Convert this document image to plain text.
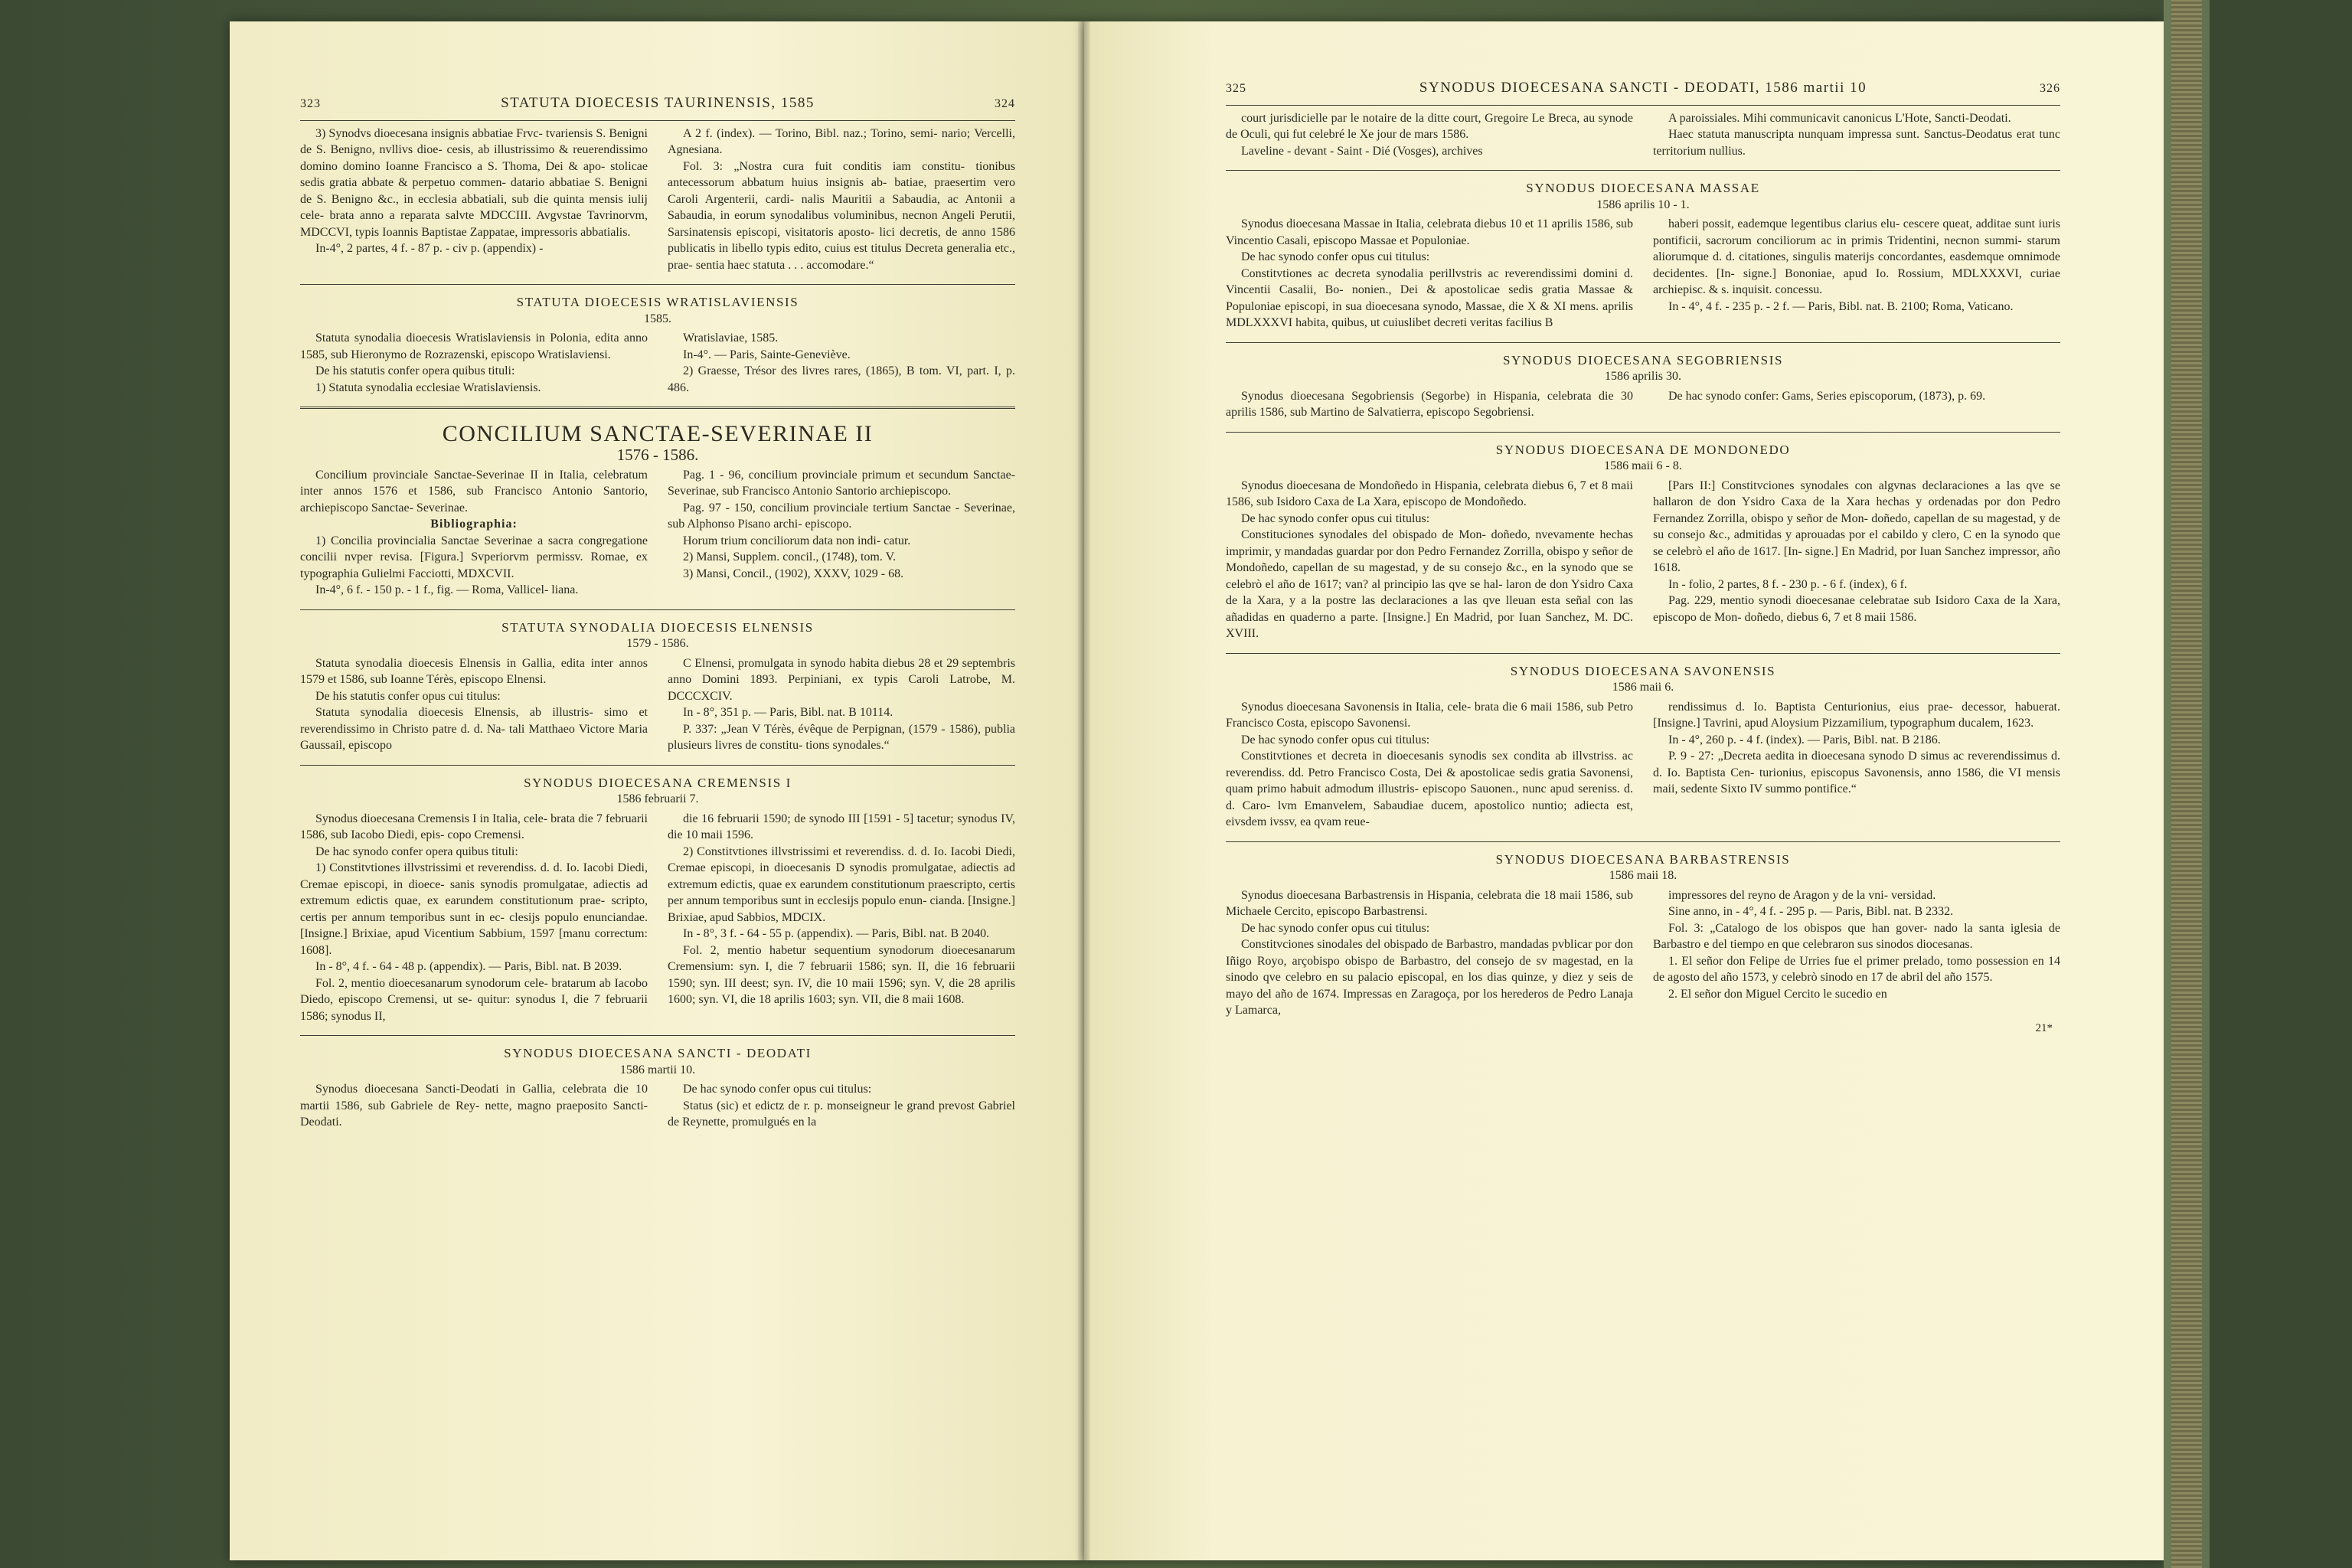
323	STATUTA DIOECESIS TAURINENSIS, 1585	324

3) Synodvs dioecesana insignis abbatiae Frvc- tvariensis S. Benigni de S. Benigno, nvllivs dioe- cesis, ab illustrissimo & reuerendissimo domino domino Ioanne Francisco a S. Thoma, Dei & apo- stolicae sedis gratia abbate & perpetuo commen- datario abbatiae S. Benigni de S. Benigno &c., in ecclesia abbatiali, sub die quinta mensis iulij cele- brata anno a reparata salvte MDCCIII. Avgvstae Tavrinorvm, MDCCVI, typis Ioannis Baptistae Zappatae, impressoris abbatialis.

In-4°, 2 partes, 4 f. - 87 p. - civ p. (appendix) -

A 2 f. (index). — Torino, Bibl. naz.; Torino, semi- nario; Vercelli, Agnesiana.

Fol. 3: „Nostra cura fuit conditis iam constitu- tionibus antecessorum abbatum huius insignis ab- batiae, praesertim vero Caroli Argenterii, cardi- nalis Mauritii a Sabaudia, ac Antonii a Sabaudia, in eorum synodalibus voluminibus, necnon Angeli Perutii, Sarsinatensis episcopi, visitatoris aposto- lici decretis, de anno 1586 publicatis in libello typis edito, cuius est titulus Decreta generalia etc., prae- sentia haec statuta . . . accomodare.“

STATUTA DIOECESIS WRATISLAVIENSIS
1585.

Statuta synodalia dioecesis Wratislaviensis in Polonia, edita anno 1585, sub Hieronymo de Rozrazenski, episcopo Wratislaviensi.

De his statutis confer opera quibus tituli:

1) Statuta synodalia ecclesiae Wratislaviensis.

Wratislaviae, 1585.

In-4°. — Paris, Sainte-Geneviève.

2) Graesse, Trésor des livres rares, (1865), B tom. VI, part. I, p. 486.

CONCILIUM SANCTAE-SEVERINAE II
1576 - 1586.

Concilium provinciale Sanctae-Severinae II in Italia, celebratum inter annos 1576 et 1586, sub Francisco Antonio Santorio, archiepiscopo Sanctae- Severinae.

Bibliographia:

1) Concilia provincialia Sanctae Severinae a sacra congregatione concilii nvper revisa. [Figura.] Svperiorvm permissv. Romae, ex typographia Gulielmi Facciotti, MDXCVII.

In-4°, 6 f. - 150 p. - 1 f., fig. — Roma, Vallicel- liana.

Pag. 1 - 96, concilium provinciale primum et secundum Sanctae-Severinae, sub Francisco Antonio Santorio archiepiscopo.

Pag. 97 - 150, concilium provinciale tertium Sanctae - Severinae, sub Alphonso Pisano archi- episcopo.

Horum trium conciliorum data non indi- catur.

2) Mansi, Supplem. concil., (1748), tom. V.

3) Mansi, Concil., (1902), XXXV, 1029 - 68.

STATUTA SYNODALIA DIOECESIS ELNENSIS
1579 - 1586.

Statuta synodalia dioecesis Elnensis in Gallia, edita inter annos 1579 et 1586, sub Ioanne Térès, episcopo Elnensi.

De his statutis confer opus cui titulus:

Statuta synodalia dioecesis Elnensis, ab illustris- simo et reverendissimo in Christo patre d. d. Na- tali Matthaeo Victore Maria Gaussail, episcopo

C Elnensi, promulgata in synodo habita diebus 28 et 29 septembris anno Domini 1893. Perpiniani, ex typis Caroli Latrobe, M. DCCCXCIV.

In - 8°, 351 p. — Paris, Bibl. nat. B 10114.

P. 337: „Jean V Térès, évêque de Perpignan, (1579 - 1586), publia plusieurs livres de constitu- tions synodales.“

SYNODUS DIOECESANA CREMENSIS I
1586 februarii 7.

Synodus dioecesana Cremensis I in Italia, cele- brata die 7 februarii 1586, sub Iacobo Diedi, epis- copo Cremensi.

De hac synodo confer opera quibus tituli:

1) Constitvtiones illvstrissimi et reverendiss. d. d. Io. Iacobi Diedi, Cremae episcopi, in dioece- sanis synodis promulgatae, adiectis ad extremum edictis quae, ex earundem constitutionum prae- scripto, certis per annum temporibus sunt in ec- clesijs populo enunciandae. [Insigne.] Brixiae, apud Vicentium Sabbium, 1597 [manu correctum: 1608].

In - 8°, 4 f. - 64 - 48 p. (appendix). — Paris, Bibl. nat. B 2039.

Fol. 2, mentio dioecesanarum synodorum cele- bratarum ab Iacobo Diedo, episcopo Cremensi, ut se- quitur: synodus I, die 7 februarii 1586; synodus II,

die 16 februarii 1590; de synodo III [1591 - 5] tacetur; synodus IV, die 10 maii 1596.

2) Constitvtiones illvstrissimi et reverendiss. d. d. Io. Iacobi Diedi, Cremae episcopi, in dioecesanis D synodis promulgatae, adiectis ad extremum edictis, quae ex earundem constitutionum praescripto, certis per annum temporibus sunt in ecclesijs populo enun- cianda. [Insigne.] Brixiae, apud Sabbios, MDCIX.

In - 8°, 3 f. - 64 - 55 p. (appendix). — Paris, Bibl. nat. B 2040.

Fol. 2, mentio habetur sequentium synodorum dioecesanarum Cremensium: syn. I, die 7 februarii 1586; syn. II, die 16 februarii 1590; syn. III deest; syn. IV, die 10 maii 1596; syn. V, die 28 aprilis 1600; syn. VI, die 18 aprilis 1603; syn. VII, die 8 maii 1608.

SYNODUS DIOECESANA SANCTI - DEODATI
1586 martii 10.

Synodus dioecesana Sancti-Deodati in Gallia, celebrata die 10 martii 1586, sub Gabriele de Rey- nette, magno praeposito Sancti-Deodati.

De hac synodo confer opus cui titulus:

Status (sic) et edictz de r. p. monseigneur le grand prevost Gabriel de Reynette, promulgués en la

325	SYNODUS DIOECESANA SANCTI - DEODATI, 1586 martii 10	326

court jurisdicielle par le notaire de la ditte court, Gregoire Le Breca, au synode de Oculi, qui fut celebré le Xe jour de mars 1586.

Laveline - devant - Saint - Dié (Vosges), archives

A paroissiales. Mihi communicavit canonicus L'Hote, Sancti-Deodati.

Haec statuta manuscripta nunquam impressa sunt. Sanctus-Deodatus erat tunc territorium nullius.

SYNODUS DIOECESANA MASSAE
1586 aprilis 10 - 1.

Synodus dioecesana Massae in Italia, celebrata diebus 10 et 11 aprilis 1586, sub Vincentio Casali, episcopo Massae et Populoniae.

De hac synodo confer opus cui titulus:

Constitvtiones ac decreta synodalia perillvstris ac reverendissimi domini d. Vincentii Casalii, Bo- nonien., Dei & apostolicae sedis gratia Massae & Populoniae episcopi, in sua dioecesana synodo, Massae, die X & XI mens. aprilis MDLXXXVI habita, quibus, ut cuiuslibet decreti veritas facilius B

haberi possit, eademque legentibus clarius elu- cescere queat, additae sunt iuris pontificii, sacrorum conciliorum ac in primis Tridentini, necnon summi- starum aliorumque d. d. citationes, singulis materijs concordantes, easdemque omnimode decidentes. [In- signe.] Bononiae, apud Io. Rossium, MDLXXXVI, curiae archiepisc. & s. inquisit. concessu.

In - 4°, 4 f. - 235 p. - 2 f. — Paris, Bibl. nat. B. 2100; Roma, Vaticano.

SYNODUS DIOECESANA SEGOBRIENSIS
1586 aprilis 30.

Synodus dioecesana Segobriensis (Segorbe) in Hispania, celebrata die 30 aprilis 1586, sub Martino de Salvatierra, episcopo Segobriensi.

De hac synodo confer: Gams, Series episcoporum, (1873), p. 69.

SYNODUS DIOECESANA DE MONDONEDO
1586 maii 6 - 8.

Synodus dioecesana de Mondoñedo in Hispania, celebrata diebus 6, 7 et 8 maii 1586, sub Isidoro Caxa de La Xara, episcopo de Mondoñedo.

De hac synodo confer opus cui titulus:

Constituciones synodales del obispado de Mon- doñedo, nvevamente hechas imprimir, y mandadas guardar por don Pedro Fernandez Zorrilla, obispo y señor de Mondoñedo, capellan de su magestad, y de su consejo &c., en la synodo que se celebrò el año de 1617; van? al principio las qve se hal- laron de don Ysidro Caxa de la Xara, y a la postre las declaraciones a las qve lleuan esta señal con las añadidas en quaderno a parte. [Insigne.] En Madrid, por Iuan Sanchez, M. DC. XVIII.

[Pars II:] Constitvciones synodales con algvnas declaraciones a las qve se hallaron de don Ysidro Caxa de la Xara hechas y ordenadas por don Pedro Fernandez Zorrilla, obispo y señor de Mon- doñedo, capellan de su magestad, y de su consejo &c., admitidas y aprouadas por el cabildo y clero, C en la synodo que se celebrò el año de 1617. [In- signe.] En Madrid, por Iuan Sanchez impressor, año 1618.

In - folio, 2 partes, 8 f. - 230 p. - 6 f. (index), 6 f.

Pag. 229, mentio synodi dioecesanae celebratae sub Isidoro Caxa de la Xara, episcopo de Mon- doñedo, diebus 6, 7 et 8 maii 1586.

SYNODUS DIOECESANA SAVONENSIS
1586 maii 6.

Synodus dioecesana Savonensis in Italia, cele- brata die 6 maii 1586, sub Petro Francisco Costa, episcopo Savonensi.

De hac synodo confer opus cui titulus:

Constitvtiones et decreta in dioecesanis synodis sex condita ab illvstriss. ac reverendiss. dd. Petro Francisco Costa, Dei & apostolicae sedis gratia Savonensi, quam primo habuit admodum illustris- episcopo Sauonen., nunc apud sereniss. d. d. Caro- lvm Emanvelem, Sabaudiae ducem, apostolico nuntio; adiecta est, eivsdem ivssv, ea qvam reue-

rendissimus d. Io. Baptista Centurionius, eius prae- decessor, habuerat. [Insigne.] Tavrini, apud Aloysium Pizzamilium, typographum ducalem, 1623.

In - 4°, 260 p. - 4 f. (index). — Paris, Bibl. nat. B 2186.

P. 9 - 27: „Decreta aedita in dioecesana synodo D simus ac reverendissimus d. d. Io. Baptista Cen- turionius, episcopus Savonensis, anno 1586, die VI mensis maii, sedente Sixto IV summo pontifice.“

SYNODUS DIOECESANA BARBASTRENSIS
1586 maii 18.

Synodus dioecesana Barbastrensis in Hispania, celebrata die 18 maii 1586, sub Michaele Cercito, episcopo Barbastrensi.

De hac synodo confer opus cui titulus:

Constitvciones sinodales del obispado de Barbastro, mandadas pvblicar por don Iñigo Royo, arçobispo obispo de Barbastro, del consejo de sv magestad, en la sinodo qve celebro en su palacio episcopal, en los dias quinze, y diez y seis de mayo del año de 1674. Impressas en Zaragoça, por los herederos de Pedro Lanaja y Lamarca,

impressores del reyno de Aragon y de la vni- versidad.

Sine anno, in - 4°, 4 f. - 295 p. — Paris, Bibl. nat. B 2332.

Fol. 3: „Catalogo de los obispos que han gover- nado la santa iglesia de Barbastro e del tiempo en que celebraron sus sinodos diocesanas.

1. El señor don Felipe de Urries fue el primer prelado, tomo possession en 14 de agosto del año 1573, y celebrò sinodo en 17 de abril del año 1575.

2. El señor don Miguel Cercito le sucedio en

21*
